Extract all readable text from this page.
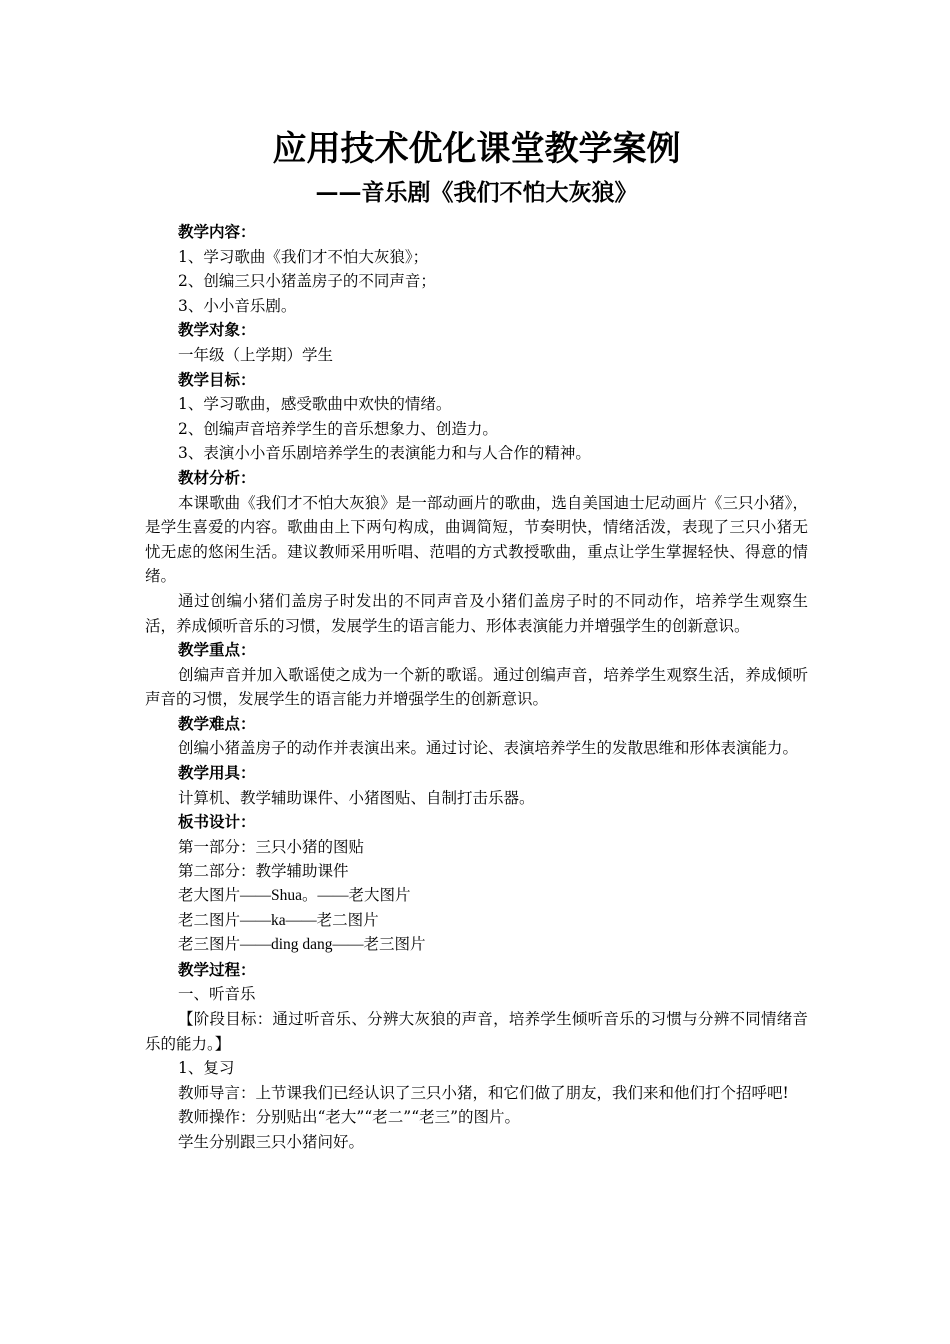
应用技术优化课堂教学案例
——音乐剧《我们不怕大灰狼》

教学内容：

1、学习歌曲《我们才不怕大灰狼》；

2、创编三只小猪盖房子的不同声音；

3、小小音乐剧。

教学对象：

一年级（上学期）学生

教学目标：

1、学习歌曲，感受歌曲中欢快的情绪。

2、创编声音培养学生的音乐想象力、创造力。

3、表演小小音乐剧培养学生的表演能力和与人合作的精神。

教材分析：

本课歌曲《我们才不怕大灰狼》是一部动画片的歌曲，选自美国迪士尼动画片《三只小猪》，是学生喜爱的内容。歌曲由上下两句构成，曲调简短，节奏明快，情绪活泼，表现了三只小猪无忧无虑的悠闲生活。建议教师采用听唱、范唱的方式教授歌曲，重点让学生掌握轻快、得意的情绪。

通过创编小猪们盖房子时发出的不同声音及小猪们盖房子时的不同动作，培养学生观察生活，养成倾听音乐的习惯，发展学生的语言能力、形体表演能力并增强学生的创新意识。

教学重点：

创编声音并加入歌谣使之成为一个新的歌谣。通过创编声音，培养学生观察生活，养成倾听声音的习惯，发展学生的语言能力并增强学生的创新意识。

教学难点：

创编小猪盖房子的动作并表演出来。通过讨论、表演培养学生的发散思维和形体表演能力。

教学用具：

计算机、教学辅助课件、小猪图贴、自制打击乐器。

板书设计：

第一部分：三只小猪的图贴

第二部分：教学辅助课件

老大图片——Shua。——老大图片

老二图片——ka——老二图片

老三图片——ding dang——老三图片

教学过程：

一、听音乐

【阶段目标：通过听音乐、分辨大灰狼的声音，培养学生倾听音乐的习惯与分辨不同情绪音乐的能力。】

1、复习

教师导言：上节课我们已经认识了三只小猪，和它们做了朋友，我们来和他们打个招呼吧!

教师操作：分别贴出“老大”“老二”“老三”的图片。

学生分别跟三只小猪问好。
